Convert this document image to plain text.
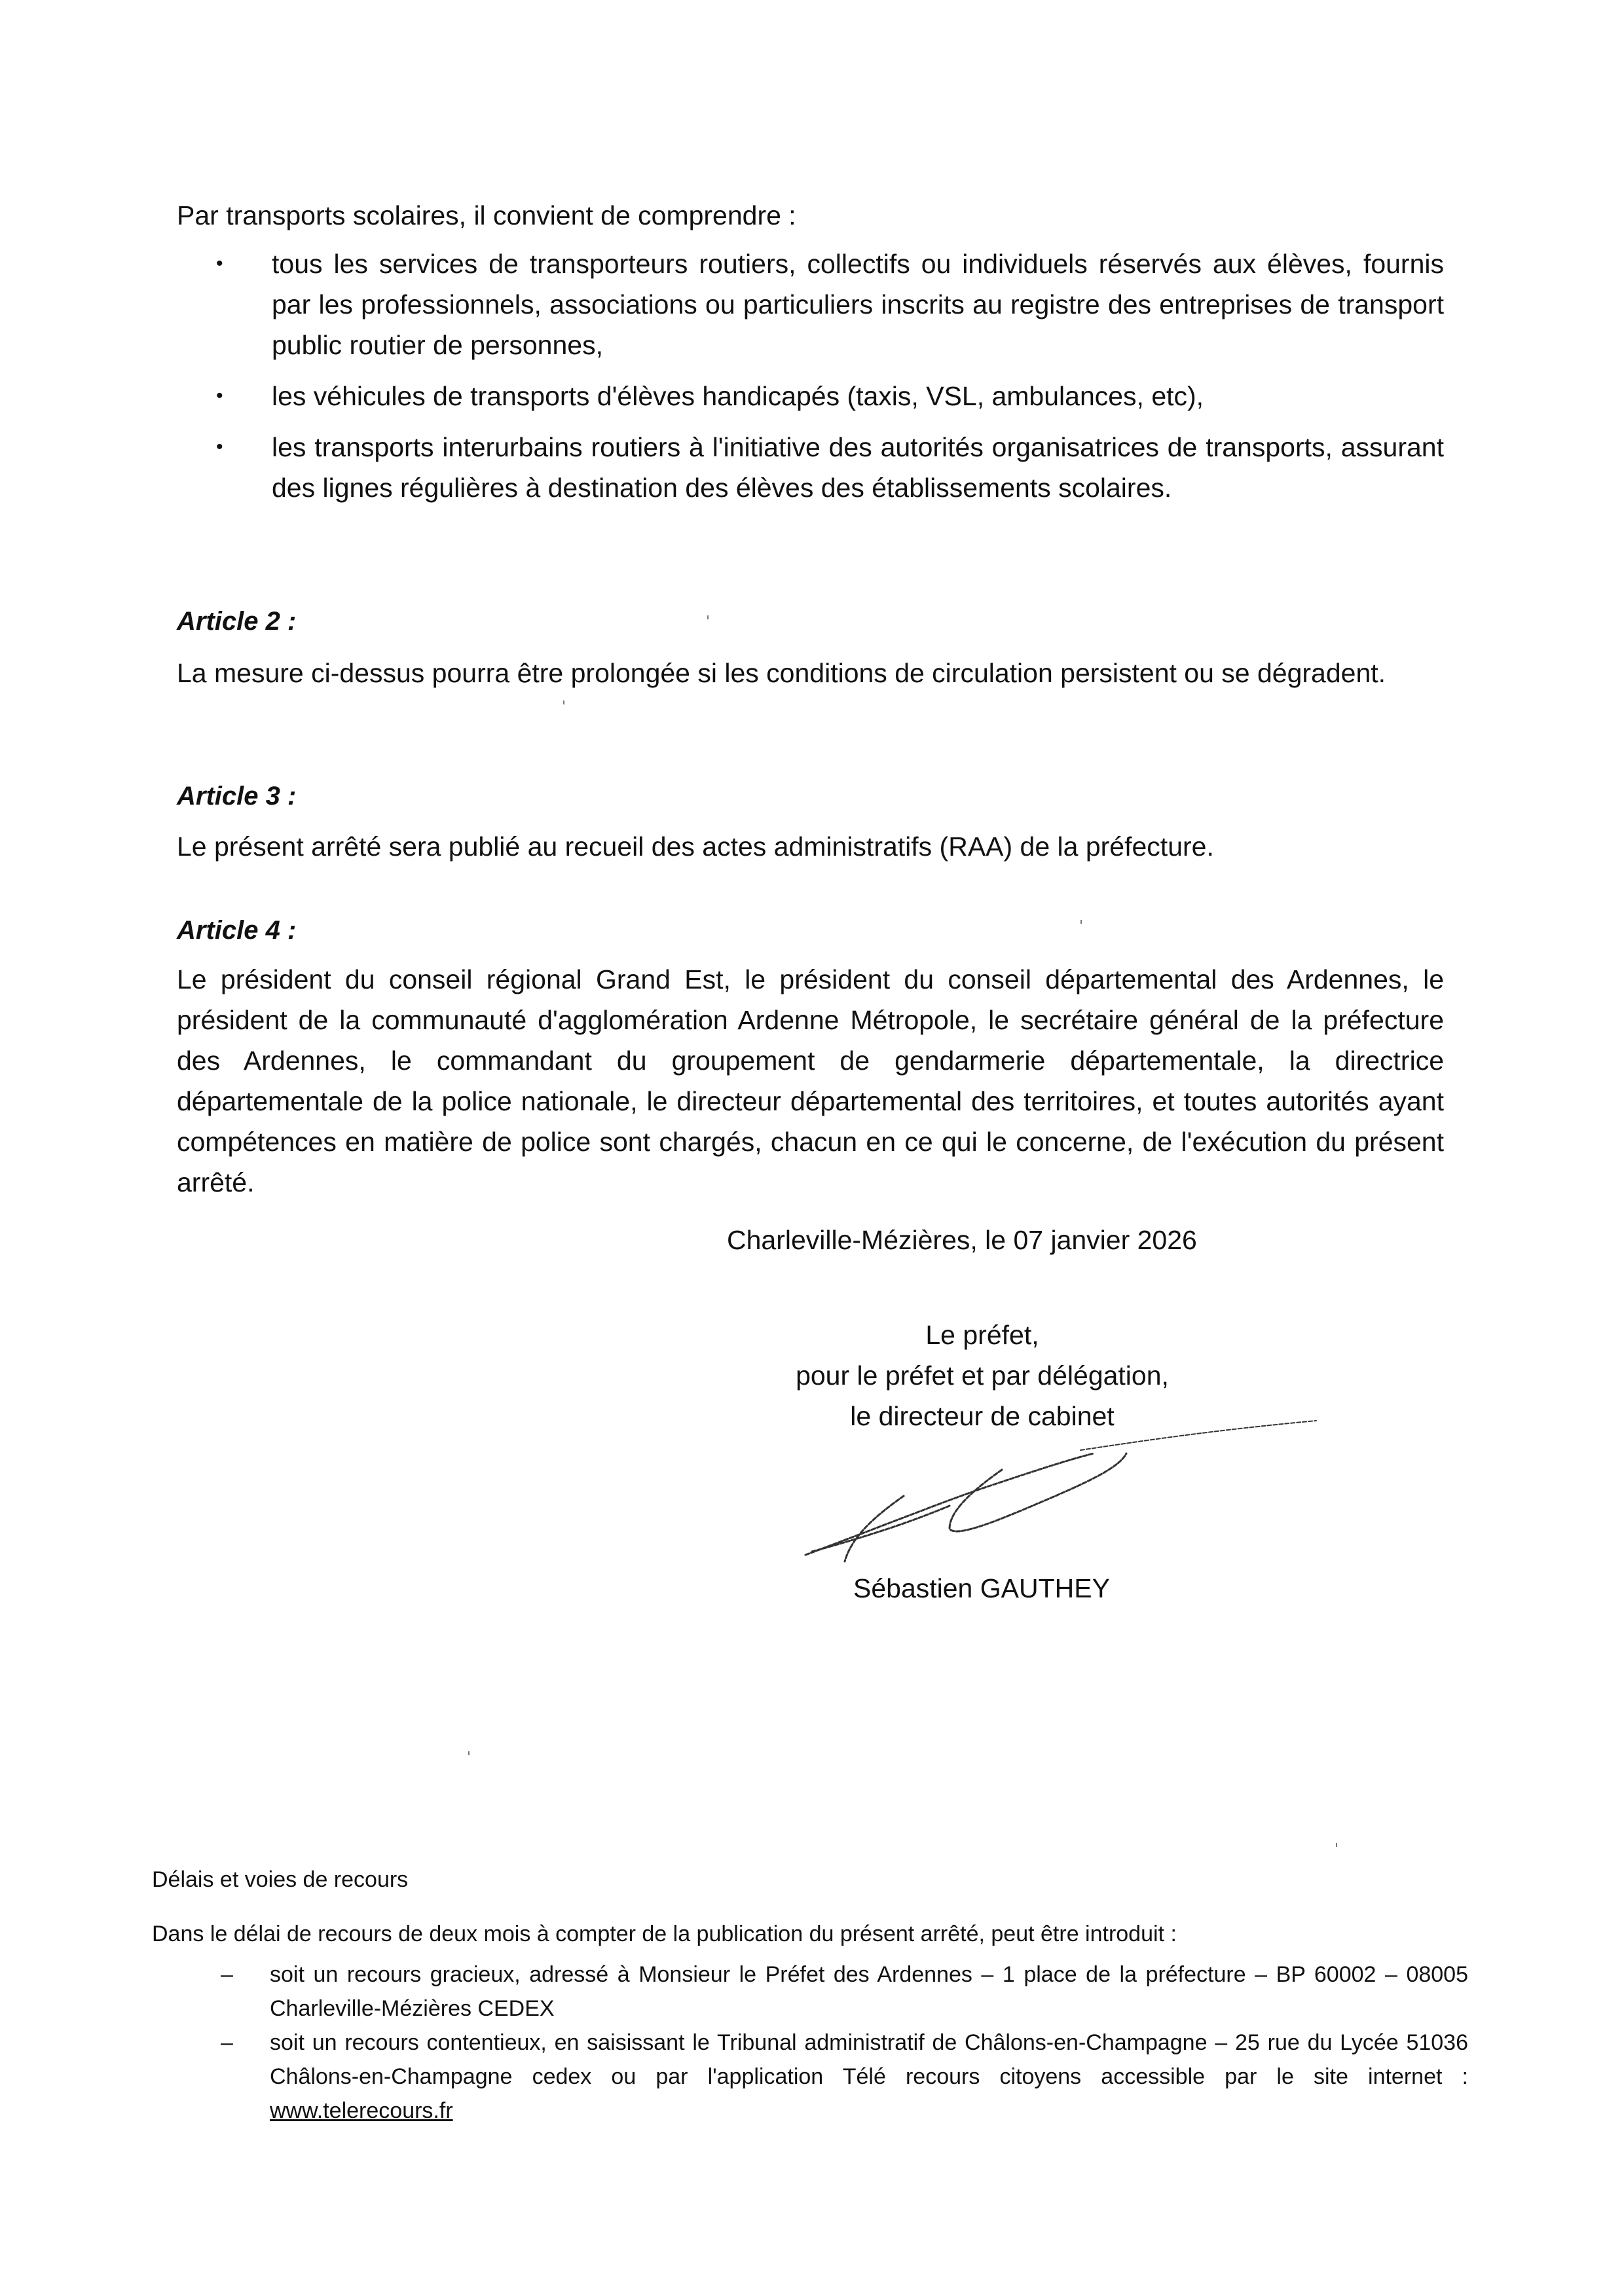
Par transports scolaires, il convient de comprendre :
• tous les services de transporteurs routiers, collectifs ou individuels réservés aux élèves, fournis par les professionnels, associations ou particuliers inscrits au registre des entreprises de transport public routier de personnes,
• les véhicules de transports d'élèves handicapés (taxis, VSL, ambulances, etc),
• les transports interurbains routiers à l'initiative des autorités organisatrices de transports, assurant des lignes régulières à destination des élèves des établissements scolaires.
Article 2 :
La mesure ci-dessus pourra être prolongée si les conditions de circulation persistent ou se dégradent.
Article 3 :
Le présent arrêté sera publié au recueil des actes administratifs (RAA) de la préfecture.
Article 4 :
Le président du conseil régional Grand Est, le président du conseil départemental des Ardennes, le président de la communauté d'agglomération Ardenne Métropole, le secrétaire général de la préfecture des Ardennes, le commandant du groupement de gendarmerie départementale, la directrice départementale de la police nationale, le directeur départemental des territoires, et toutes autorités ayant compétences en matière de police sont chargés, chacun en ce qui le concerne, de l'exécution du présent arrêté.
Charleville-Mézières, le 07 janvier 2026
Le préfet,
pour le préfet et par délégation,
le directeur de cabinet
Sébastien GAUTHEY
Délais et voies de recours
Dans le délai de recours de deux mois à compter de la publication du présent arrêté, peut être introduit :
– soit un recours gracieux, adressé à Monsieur le Préfet des Ardennes – 1 place de la préfecture – BP 60002 – 08005 Charleville-Mézières CEDEX
– soit un recours contentieux, en saisissant le Tribunal administratif de Châlons-en-Champagne – 25 rue du Lycée 51036 Châlons-en-Champagne cedex ou par l'application Télé recours citoyens accessible par le site internet : www.telerecours.fr
